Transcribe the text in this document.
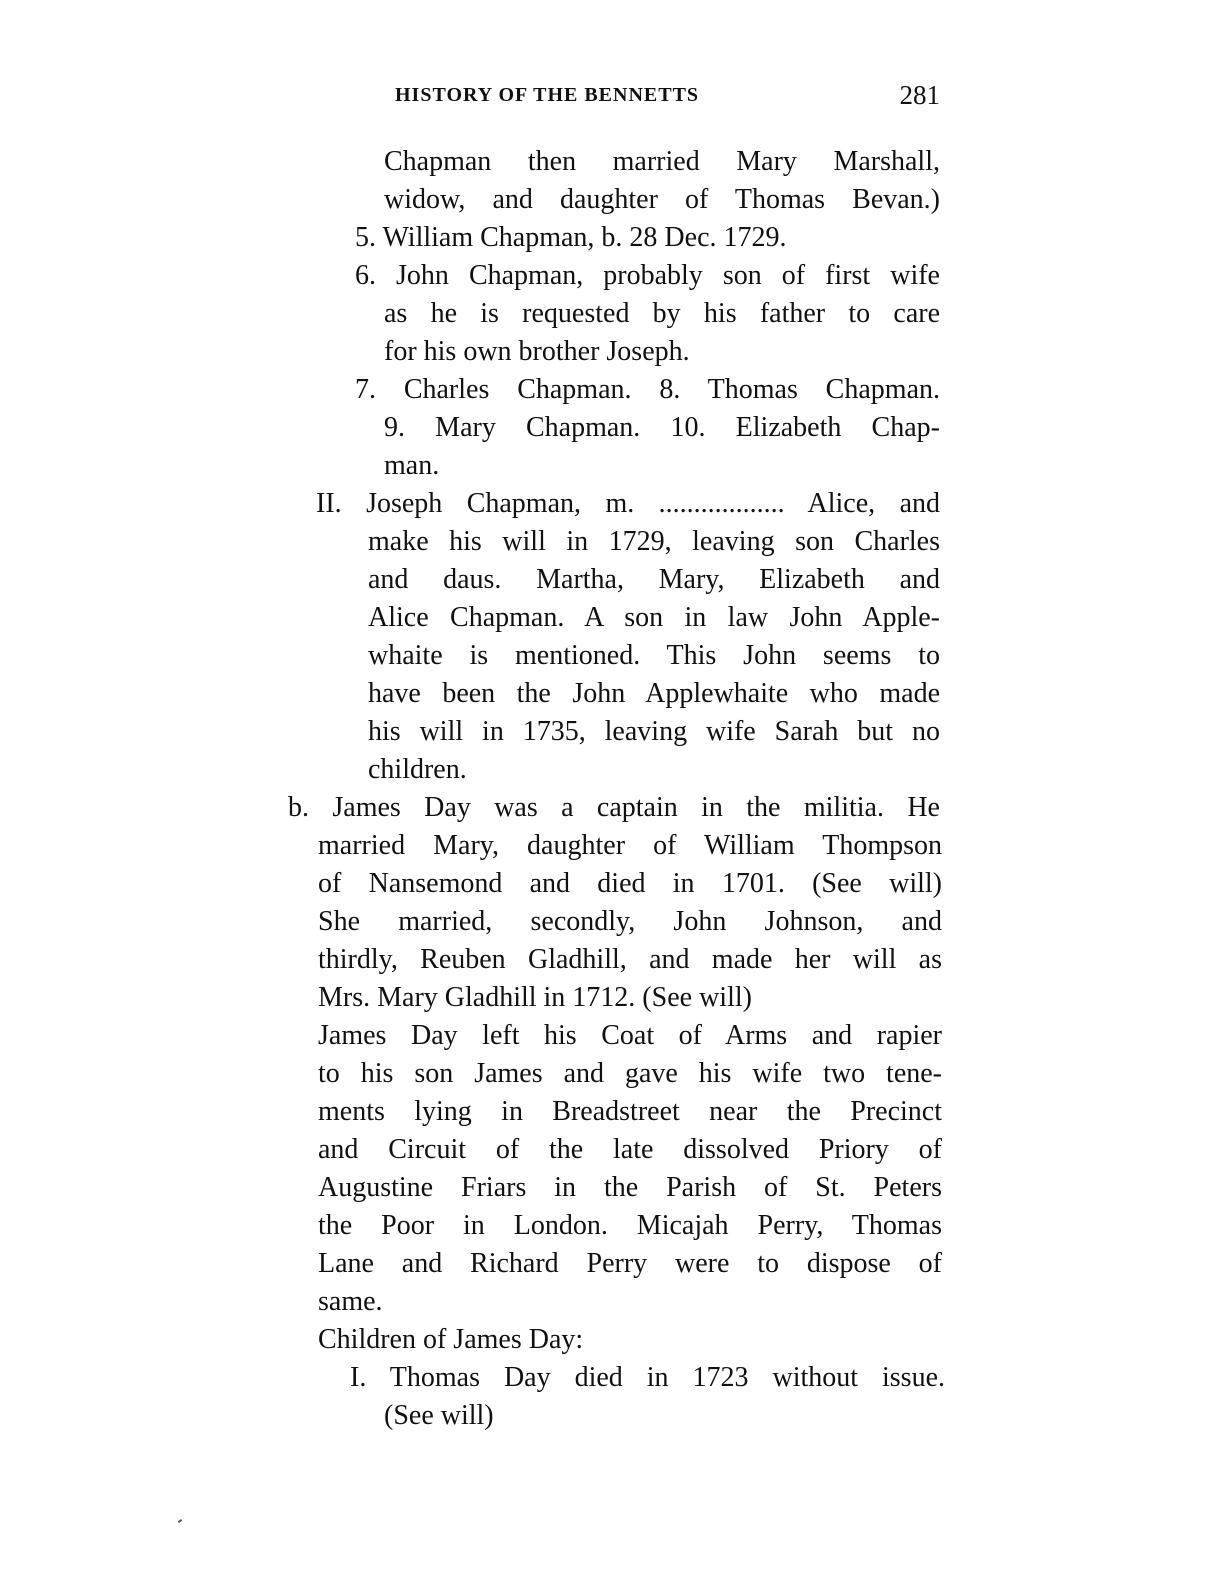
HISTORY OF THE BENNETTS	281
Chapman then married Mary Marshall,
widow, and daughter of Thomas Bevan.)
5. William Chapman, b. 28 Dec. 1729.
6. John Chapman, probably son of first wife
as he is requested by his father to care
for his own brother Joseph.
7. Charles Chapman. 8. Thomas Chapman.
9. Mary Chapman. 10. Elizabeth Chap-
man.
II. Joseph Chapman, m. .................. Alice, and
make his will in 1729, leaving son Charles
and daus. Martha, Mary, Elizabeth and
Alice Chapman. A son in law John Apple-
whaite is mentioned. This John seems to
have been the John Applewhaite who made
his will in 1735, leaving wife Sarah but no
children.
b. James Day was a captain in the militia. He
married Mary, daughter of William Thompson
of Nansemond and died in 1701. (See will)
She married, secondly, John Johnson, and
thirdly, Reuben Gladhill, and made her will as
Mrs. Mary Gladhill in 1712. (See will)
James Day left his Coat of Arms and rapier
to his son James and gave his wife two tene-
ments lying in Breadstreet near the Precinct
and Circuit of the late dissolved Priory of
Augustine Friars in the Parish of St. Peters
the Poor in London. Micajah Perry, Thomas
Lane and Richard Perry were to dispose of
same.
Children of James Day:
I. Thomas Day died in 1723 without issue.
(See will)
